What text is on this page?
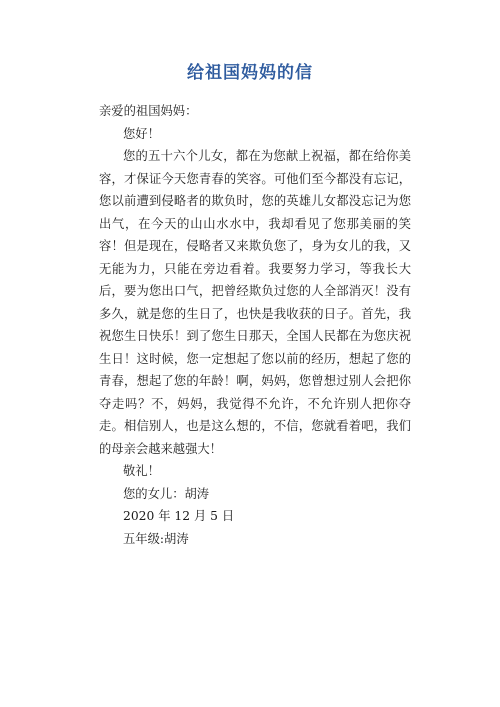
给祖国妈妈的信

亲爱的祖国妈妈：

您好！

您的五十六个儿女，都在为您献上祝福，都在给你美容，才保证今天您青春的笑容。可他们至今都没有忘记，您以前遭到侵略者的欺负时，您的英雄儿女都没忘记为您出气，在今天的山山水水中，我却看见了您那美丽的笑容！但是现在，侵略者又来欺负您了，身为女儿的我，又无能为力，只能在旁边看着。我要努力学习，等我长大后，要为您出口气，把曾经欺负过您的人全部消灭！没有多久，就是您的生日了，也快是我收获的日子。首先，我祝您生日快乐！到了您生日那天，全国人民都在为您庆祝生日！这时候，您一定想起了您以前的经历，想起了您的青春，想起了您的年龄！啊，妈妈，您曾想过别人会把你夺走吗？不，妈妈，我觉得不允许，不允许别人把你夺走。相信别人，也是这么想的，不信，您就看着吧，我们的母亲会越来越强大！

敬礼！

您的女儿：胡涛

2020 年 12 月 5 日

五年级:胡涛
